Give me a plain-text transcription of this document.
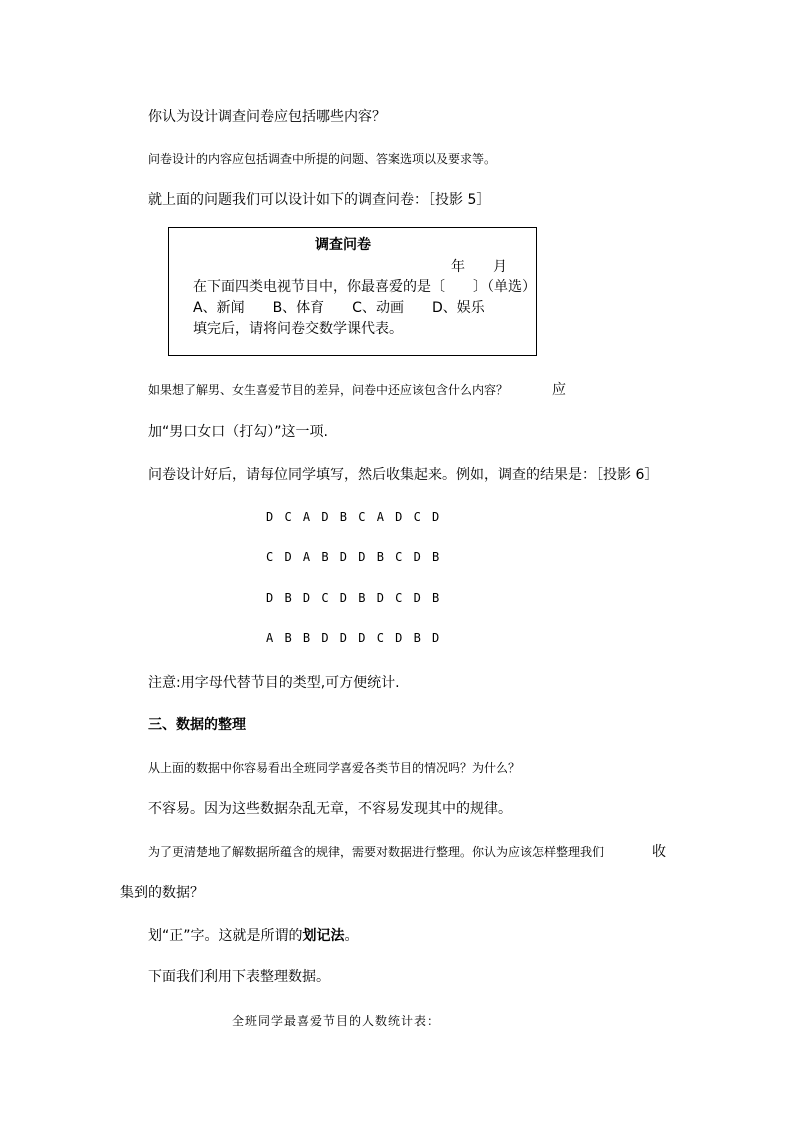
你认为设计调查问卷应包括哪些内容？
问卷设计的内容应包括调查中所提的问题、答案选项以及要求等。
就上面的问题我们可以设计如下的调查问卷：［投影 5］
调查问卷
年　　月
在下面四类电视节目中，你最喜爱的是〔　　〕（单选）
A、新闻　　B、体育　　C、动画　　D、娱乐
填完后，请将问卷交数学课代表。
如果想了解男、女生喜爱节目的差异，问卷中还应该包含什么内容？	应
加“男口女口（打勾）”这一项.
问卷设计好后，请每位同学填写，然后收集起来。例如，调查的结果是：［投影 6］
D C A D B C A D C D
C D A B D D B C D B
D B D C D B D C D B
A B B D D D C D B D
注意:用字母代替节目的类型,可方便统计.
三、数据的整理
从上面的数据中你容易看出全班同学喜爱各类节目的情况吗？为什么？
不容易。因为这些数据杂乱无章，不容易发现其中的规律。
为了更清楚地了解数据所蕴含的规律，需要对数据进行整理。你认为应该怎样整理我们	收
集到的数据？
划“正”字。这就是所谓的划记法。
下面我们利用下表整理数据。
全班同学最喜爱节目的人数统计表：
